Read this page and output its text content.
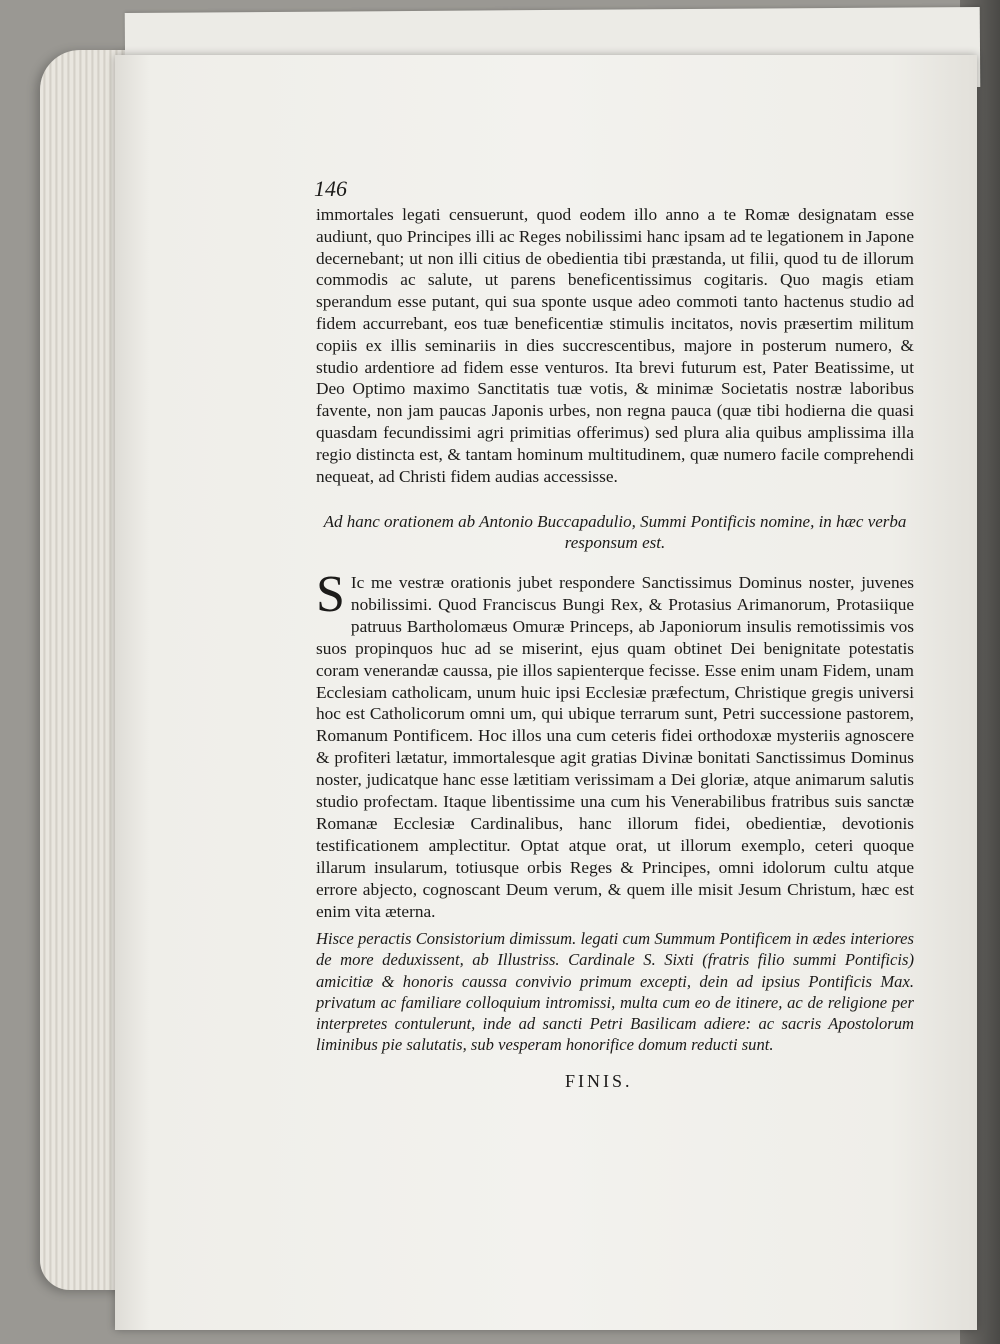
146
immortales legati censuerunt, quod eodem illo anno a te Romæ designatam esse audiunt, quo Principes illi ac Reges nobilissimi hanc ipsam ad te legationem in Japone decernebant; ut non illi citius de obedientia tibi præstanda, ut filii, quod tu de illorum commodis ac salute, ut parens beneficentissimus cogitaris. Quo magis etiam sperandum esse putant, qui sua sponte usque adeo commoti tanto hactenus studio ad fidem accurrebant, eos tuæ beneficentiæ stimulis incitatos, novis præsertim militum copiis ex illis seminariis in dies succrescentibus, majore in posterum numero, & studio ardentiore ad fidem esse venturos. Ita brevi futurum est, Pater Beatissime, ut Deo Optimo maximo Sanctitatis tuæ votis, & minimæ Societatis nostræ laboribus favente, non jam paucas Japonis urbes, non regna pauca (quæ tibi hodierna die quasi quasdam fecundissimi agri primitias offerimus) sed plura alia quibus amplissima illa regio distincta est, & tantam hominum multitudinem, quæ numero facile comprehendi nequeat, ad Christi fidem audias accessisse.
Ad hanc orationem ab Antonio Buccapadulio, Summi Pontificis nomine, in hæc verba responsum est.
S Ic me vestræ orationis jubet respondere Sanctissimus Dominus noster, juvenes nobilissimi. Quod Franciscus Bungi Rex, & Protasius Arimanorum, Protasiique patruus Bartholomæus Omuræ Princeps, ab Japoniorum insulis remotissimis vos suos propinquos huc ad se miserint, ejus quam obtinet Dei benignitate potestatis coram venerandæ caussa, pie illos sapienterque fecisse. Esse enim unam Fidem, unam Ecclesiam catholicam, unum huic ipsi Ecclesiæ præfectum, Christique gregis universi hoc est Catholicorum omni um, qui ubique terrarum sunt, Petri successione pastorem, Romanum Pontificem. Hoc illos una cum ceteris fidei orthodoxæ mysteriis agnoscere & profiteri lætatur, immortalesque agit gratias Divinæ bonitati Sanctissimus Dominus noster, judicatque hanc esse lætitiam verissimam a Dei gloriæ, atque animarum salutis studio profectam. Itaque libentissime una cum his Venerabilibus fratribus suis sanctæ Romanæ Ecclesiæ Cardinalibus, hanc illorum fidei, obedientiæ, devotionis testificationem amplectitur. Optat atque orat, ut illorum exemplo, ceteri quoque illarum insularum, totiusque orbis Reges & Principes, omni idolorum cultu atque errore abjecto, cognoscant Deum verum, & quem ille misit Jesum Christum, hæc est enim vita æterna.
Hisce peractis Consistorium dimissum. legati cum Summum Pontificem in ædes interiores de more deduxissent, ab Illustriss. Cardinale S. Sixti (fratris filio summi Pontificis) amicitiæ & honoris caussa convivio primum excepti, dein ad ipsius Pontificis Max. privatum ac familiare colloquium intromissi, multa cum eo de itinere, ac de religione per interpretes contulerunt, inde ad sancti Petri Basilicam adiere: ac sacris Apostolorum liminibus pie salutatis, sub vesperam honorifice domum reducti sunt.
FINIS.
